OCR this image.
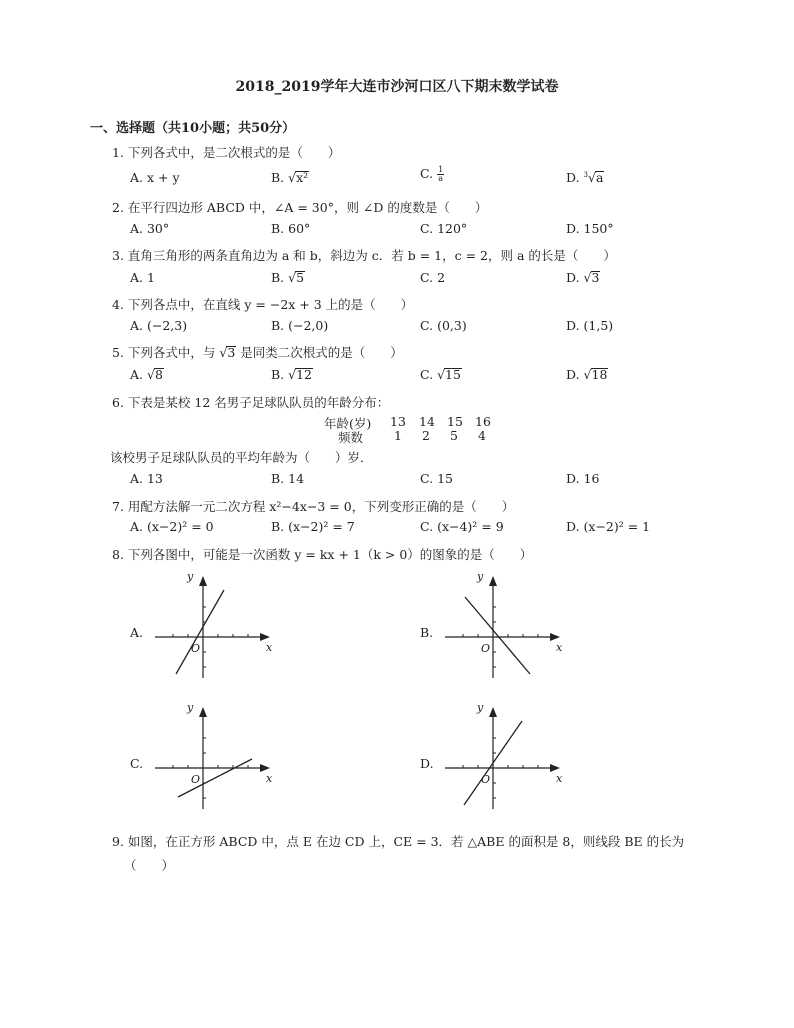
2018_2019学年大连市沙河口区八下期末数学试卷
一、选择题（共10小题；共50分）
1. 下列各式中，是二次根式的是（　　）
A. x + y	B. √x²	C. $\frac{1}{a}$	D. $^3$√a
2. 在平行四边形 ABCD 中，∠A = 30°，则 ∠D 的度数是（　　）
A. 30°	B. 60°	C. 120°	D. 150°
3. 直角三角形的两条直角边为 a 和 b，斜边为 c．若 b = 1，c = 2，则 a 的长是（　　）
A. 1	B. √5	C. 2	D. √3
4. 下列各点中，在直线 y = −2x + 3 上的是（　　）
A. (−2,3)	B. (−2,0)	C. (0,3)	D. (1,5)
5. 下列各式中，与 √3 是同类二次根式的是（　　）
A. √8	B. √12	C. √15	D. √18
6. 下表是某校 12 名男子足球队队员的年龄分布：
年龄(岁) 13 14 15 16
频数 1 2 5 4
该校男子足球队队员的平均年龄为（　　）岁．
A. 13	B. 14	C. 15	D. 16
7. 用配方法解一元二次方程 x²−4x−3 = 0，下列变形正确的是（　　）
A. (x−2)² = 0	B. (x−2)² = 7	C. (x−4)² = 9	D. (x−2)² = 1
8. 下列各图中，可能是一次函数 y = kx + 1（k > 0）的图象的是（　　）
A.	B.
C.	D.
x
y
O	x
y
O
x
y
O	x
y
O
9. 如图，在正方形 ABCD 中，点 E 在边 CD 上，CE = 3．若 △ABE 的面积是 8，则线段 BE 的长为
（　　）
